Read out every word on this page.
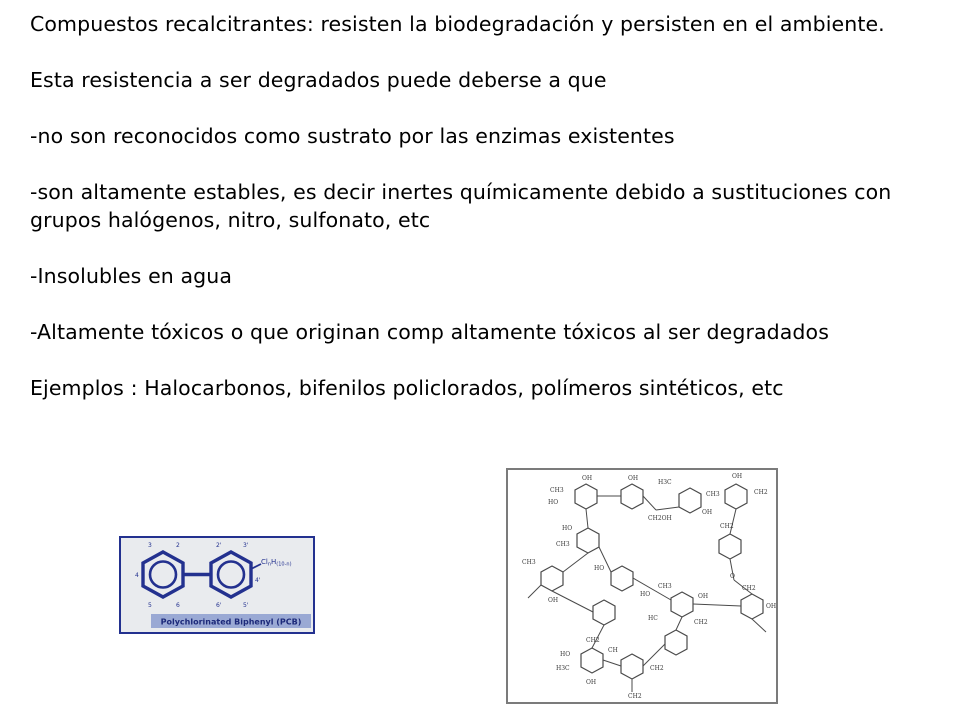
Compuestos recalcitrantes: resisten la biodegradación y persisten en el ambiente.

Esta resistencia a ser degradados puede deberse a que

-no son reconocidos como sustrato por las enzimas existentes

-son altamente estables, es decir inertes químicamente debido a sustituciones con grupos halógenos, nitro, sulfonato, etc

-Insolubles en agua

-Altamente tóxicos o que originan comp altamente tóxicos al ser degradados

Ejemplos : Halocarbonos, bifenilos policlorados, polímeros sintéticos, etc

3	2
4
5	6
2'	3'
4'
5'
6'
$Cl_nH_{(10-n)}$
Polychlorinated Biphenyl (PCB)
OH
CH3
HO
OH
H3C
CH3
OH
OH
CH2
CH2OH
HO
CH3
CH2
O
CH3
OH
HO
CH3
HO	OH
CH2
OH
HC
CH2
CH2
HO
H3C
CH
CH2
OH
CH2
